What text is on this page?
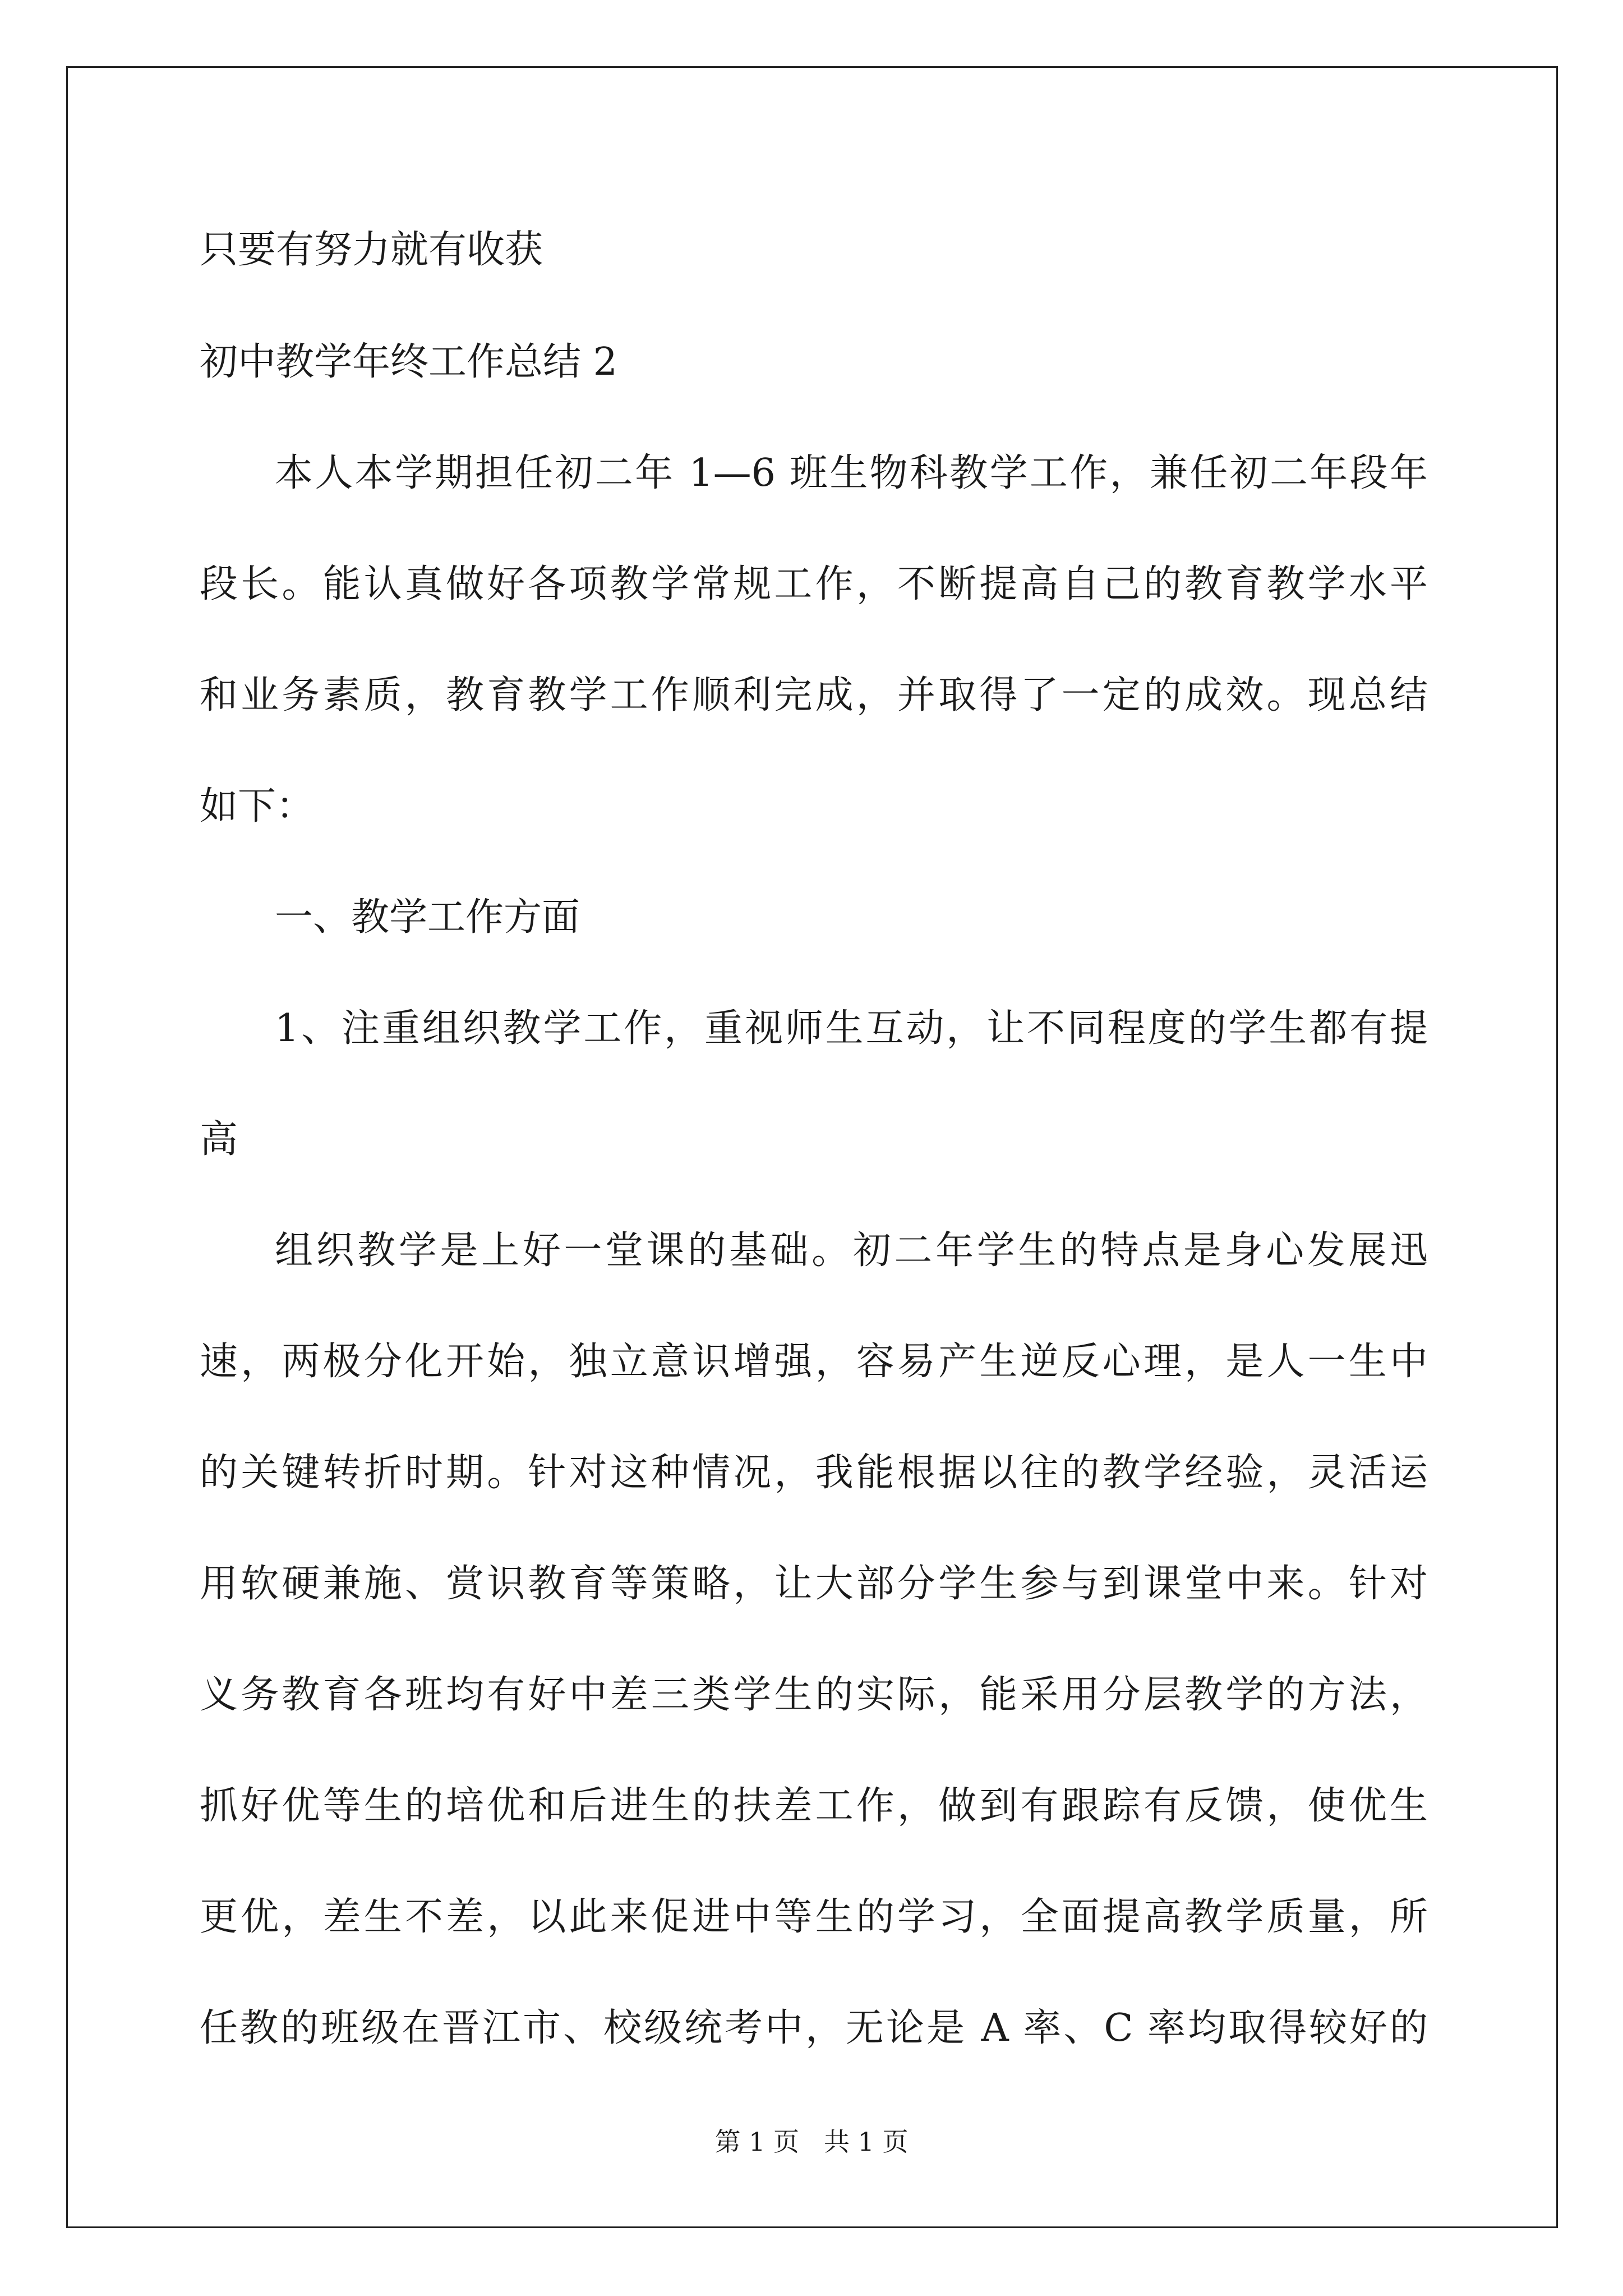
只要有努力就有收获
初中教学年终工作总结 2
本人本学期担任初二年 1—6 班生物科教学工作，兼任初二年段年
段长。能认真做好各项教学常规工作，不断提高自己的教育教学水平
和业务素质，教育教学工作顺利完成，并取得了一定的成效。现总结
如下：
一、教学工作方面
1、注重组织教学工作，重视师生互动，让不同程度的学生都有提
高
组织教学是上好一堂课的基础。初二年学生的特点是身心发展迅
速，两极分化开始，独立意识增强，容易产生逆反心理，是人一生中
的关键转折时期。针对这种情况，我能根据以往的教学经验，灵活运
用软硬兼施、赏识教育等策略，让大部分学生参与到课堂中来。针对
义务教育各班均有好中差三类学生的实际，能采用分层教学的方法，
抓好优等生的培优和后进生的扶差工作，做到有跟踪有反馈，使优生
更优，差生不差，以此来促进中等生的学习，全面提高教学质量，所
任教的班级在晋江市、校级统考中，无论是 A 率、C 率均取得较好的
第 1 页 共 1 页
